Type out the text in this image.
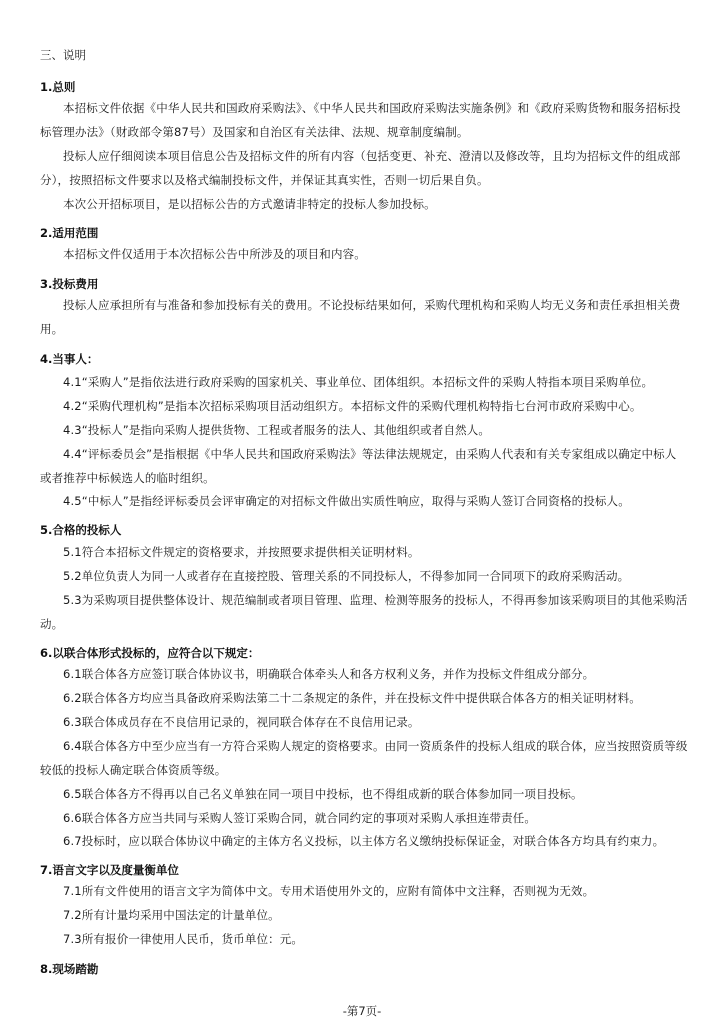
三、说明
1.总则
本招标文件依据《中华人民共和国政府采购法》、《中华人民共和国政府采购法实施条例》和《政府采购货物和服务招标投标管理办法》（财政部令第87号）及国家和自治区有关法律、法规、规章制度编制。
投标人应仔细阅读本项目信息公告及招标文件的所有内容（包括变更、补充、澄清以及修改等，且均为招标文件的组成部分），按照招标文件要求以及格式编制投标文件，并保证其真实性，否则一切后果自负。
本次公开招标项目，是以招标公告的方式邀请非特定的投标人参加投标。
2.适用范围
本招标文件仅适用于本次招标公告中所涉及的项目和内容。
3.投标费用
投标人应承担所有与准备和参加投标有关的费用。不论投标结果如何，采购代理机构和采购人均无义务和责任承担相关费用。
4.当事人：
4.1“采购人”是指依法进行政府采购的国家机关、事业单位、团体组织。本招标文件的采购人特指本项目采购单位。
4.2“采购代理机构”是指本次招标采购项目活动组织方。本招标文件的采购代理机构特指七台河市政府采购中心。
4.3“投标人”是指向采购人提供货物、工程或者服务的法人、其他组织或者自然人。
4.4“评标委员会”是指根据《中华人民共和国政府采购法》等法律法规规定，由采购人代表和有关专家组成以确定中标人或者推荐中标候选人的临时组织。
4.5“中标人”是指经评标委员会评审确定的对招标文件做出实质性响应，取得与采购人签订合同资格的投标人。
5.合格的投标人
5.1符合本招标文件规定的资格要求，并按照要求提供相关证明材料。
5.2单位负责人为同一人或者存在直接控股、管理关系的不同投标人，不得参加同一合同项下的政府采购活动。
5.3为采购项目提供整体设计、规范编制或者项目管理、监理、检测等服务的投标人，不得再参加该采购项目的其他采购活动。
6.以联合体形式投标的，应符合以下规定：
6.1联合体各方应签订联合体协议书，明确联合体牵头人和各方权利义务，并作为投标文件组成分部分。
6.2联合体各方均应当具备政府采购法第二十二条规定的条件，并在投标文件中提供联合体各方的相关证明材料。
6.3联合体成员存在不良信用记录的，视同联合体存在不良信用记录。
6.4联合体各方中至少应当有一方符合采购人规定的资格要求。由同一资质条件的投标人组成的联合体，应当按照资质等级较低的投标人确定联合体资质等级。
6.5联合体各方不得再以自己名义单独在同一项目中投标，也不得组成新的联合体参加同一项目投标。
6.6联合体各方应当共同与采购人签订采购合同，就合同约定的事项对采购人承担连带责任。
6.7投标时，应以联合体协议中确定的主体方名义投标，以主体方名义缴纳投标保证金，对联合体各方均具有约束力。
7.语言文字以及度量衡单位
7.1所有文件使用的语言文字为简体中文。专用术语使用外文的，应附有简体中文注释，否则视为无效。
7.2所有计量均采用中国法定的计量单位。
7.3所有报价一律使用人民币，货币单位：元。
8.现场踏勘
-第7页-
